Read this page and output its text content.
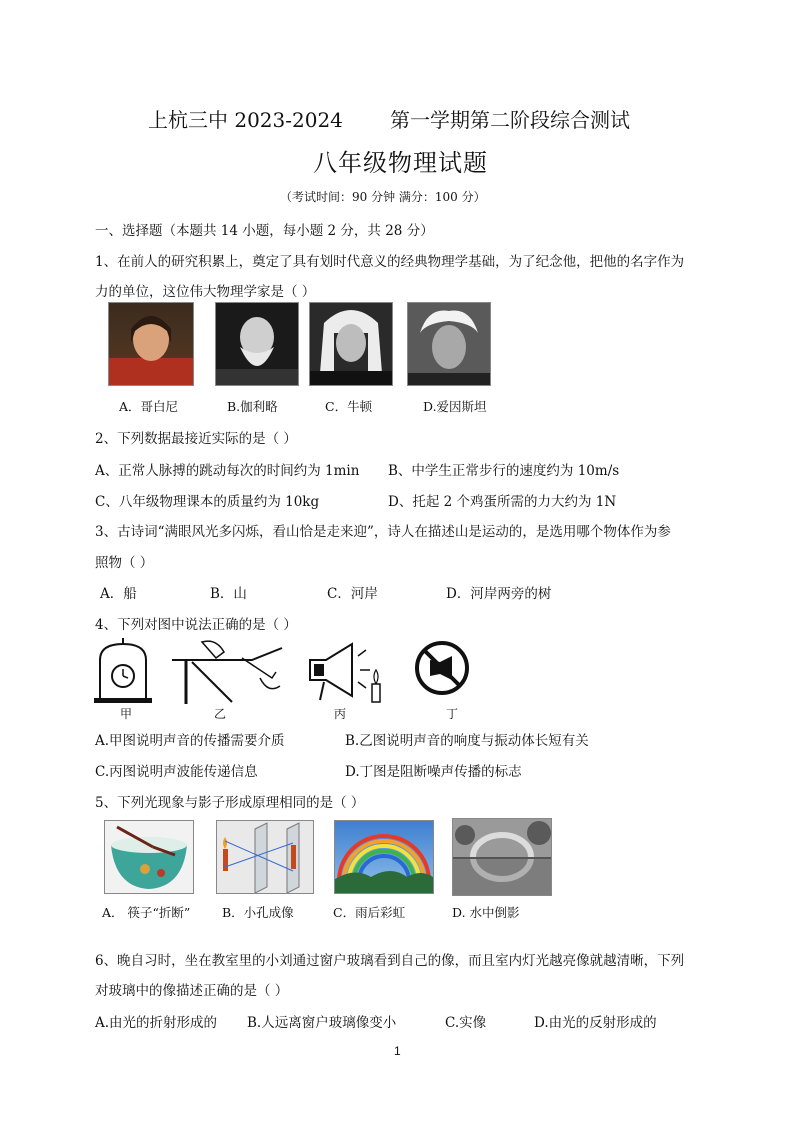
上杭三中 2023-2024 第一学期第二阶段综合测试
八年级物理试题
（考试时间：90 分钟 满分：100 分）
一、选择题（本题共 14 小题，每小题 2 分，共 28 分）
1、在前人的研究积累上，奠定了具有划时代意义的经典物理学基础，为了纪念他，把他的名字作为
力的单位，这位伟大物理学家是（ ）
A．哥白尼	B.伽利略	C．牛顿	D.爱因斯坦
2、下列数据最接近实际的是（ ）
A、正常人脉搏的跳动每次的时间约为 1min B、中学生正常步行的速度约为 10m/s
C、八年级物理课本的质量约为 10kg	D、托起 2 个鸡蛋所需的力大约为 1N
3、古诗词“满眼风光多闪烁，看山恰是走来迎”，诗人在描述山是运动的，是选用哪个物体作为参
照物（ ）
A．船	B．山	C．河岸	D．河岸两旁的树
4、下列对图中说法正确的是（ ）
甲	乙	丙	丁
A.甲图说明声音的传播需要介质	B.乙图说明声音的响度与振动体长短有关
C.丙图说明声波能传递信息	D.丁图是阻断噪声传播的标志
5、下列光现象与影子形成原理相同的是（ ）
A． 筷子“折断”	B．小孔成像	C．雨后彩虹	D. 水中倒影
6、晚自习时，坐在教室里的小刘通过窗户玻璃看到自己的像，而且室内灯光越亮像就越清晰，下列
对玻璃中的像描述正确的是（ ）
A.由光的折射形成的 B.人远离窗户玻璃像变小	C.实像	D.由光的反射形成的
1
